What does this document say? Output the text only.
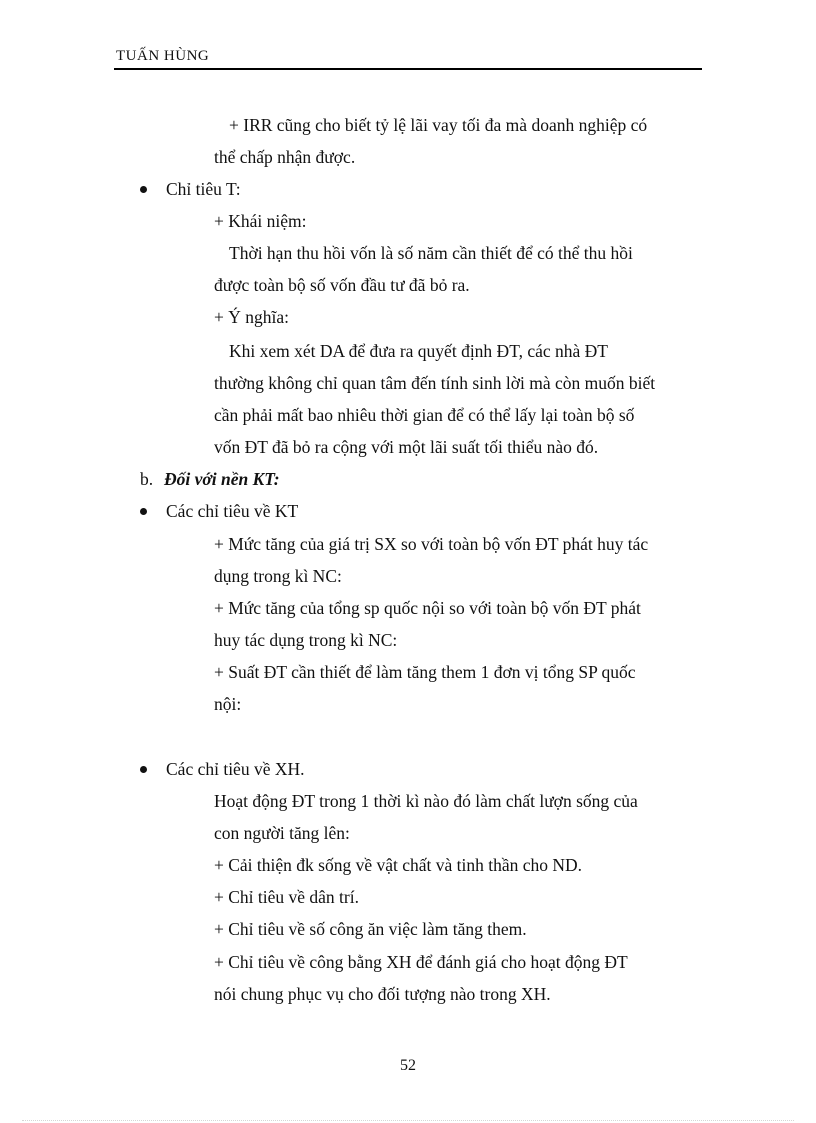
TUẤN HÙNG
+ IRR cũng cho biết tỷ lệ lãi vay tối đa mà doanh nghiệp có
thể chấp nhận được.
Chỉ tiêu T:
+ Khái niệm:
Thời hạn thu hồi vốn là số năm cần thiết để có thể thu hồi
được toàn bộ số vốn đầu tư đã bỏ ra.
+ Ý nghĩa:
Khi xem xét DA để đưa ra quyết định ĐT, các nhà ĐT
thường không chỉ quan tâm đến tính sinh lời mà còn muốn biết
cần phải mất bao nhiêu thời gian để có thể lấy lại toàn bộ số
vốn ĐT đã bỏ ra cộng với một lãi suất tối thiểu nào đó.
b. Đối với nền KT:
Các chỉ tiêu về KT
+ Mức tăng của giá trị SX so với toàn bộ vốn ĐT phát huy tác
dụng trong kì NC:
+ Mức tăng của tổng sp quốc nội so với toàn bộ vốn ĐT phát
huy tác dụng trong kì NC:
+ Suất ĐT cần thiết để làm tăng them 1 đơn vị tổng SP quốc
nội:
Các chỉ tiêu về XH.
Hoạt động ĐT trong 1 thời kì nào đó làm chất lượn sống của
con người tăng lên:
+ Cải thiện đk sống về vật chất và tinh thần cho ND.
+ Chỉ tiêu về dân trí.
+ Chỉ tiêu về số công ăn việc làm tăng them.
+ Chỉ tiêu về công bằng XH để đánh giá cho hoạt động ĐT
nói chung phục vụ cho đối tượng nào trong XH.
52
